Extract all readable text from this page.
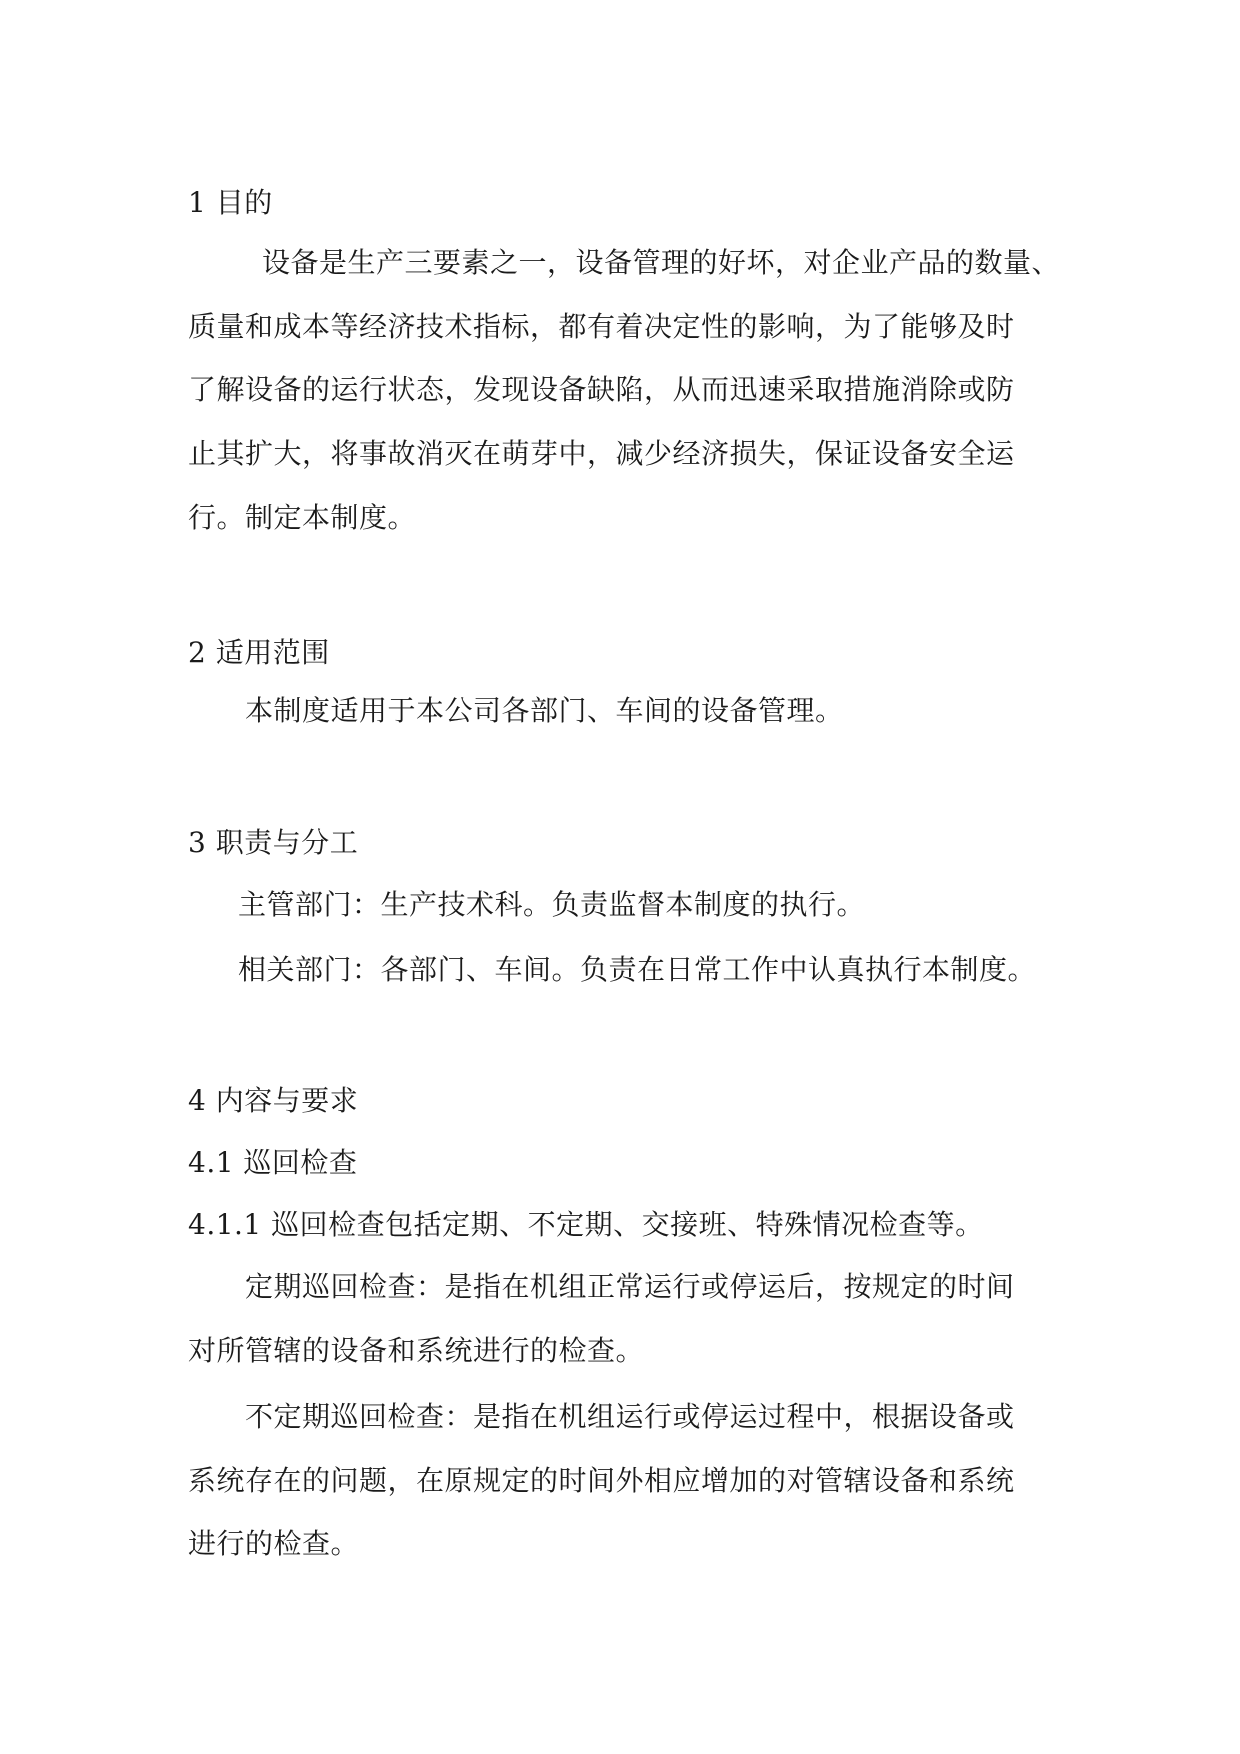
1 目的
设备是生产三要素之一，设备管理的好坏，对企业产品的数量、
质量和成本等经济技术指标，都有着决定性的影响，为了能够及时
了解设备的运行状态，发现设备缺陷，从而迅速采取措施消除或防
止其扩大，将事故消灭在萌芽中，减少经济损失，保证设备安全运
行。制定本制度。
2 适用范围
本制度适用于本公司各部门、车间的设备管理。
3 职责与分工
主管部门：生产技术科。负责监督本制度的执行。
相关部门：各部门、车间。负责在日常工作中认真执行本制度。
4 内容与要求
4.1 巡回检查
4.1.1 巡回检查包括定期、不定期、交接班、特殊情况检查等。
定期巡回检查：是指在机组正常运行或停运后，按规定的时间
对所管辖的设备和系统进行的检查。
不定期巡回检查：是指在机组运行或停运过程中，根据设备或
系统存在的问题，在原规定的时间外相应增加的对管辖设备和系统
进行的检查。
